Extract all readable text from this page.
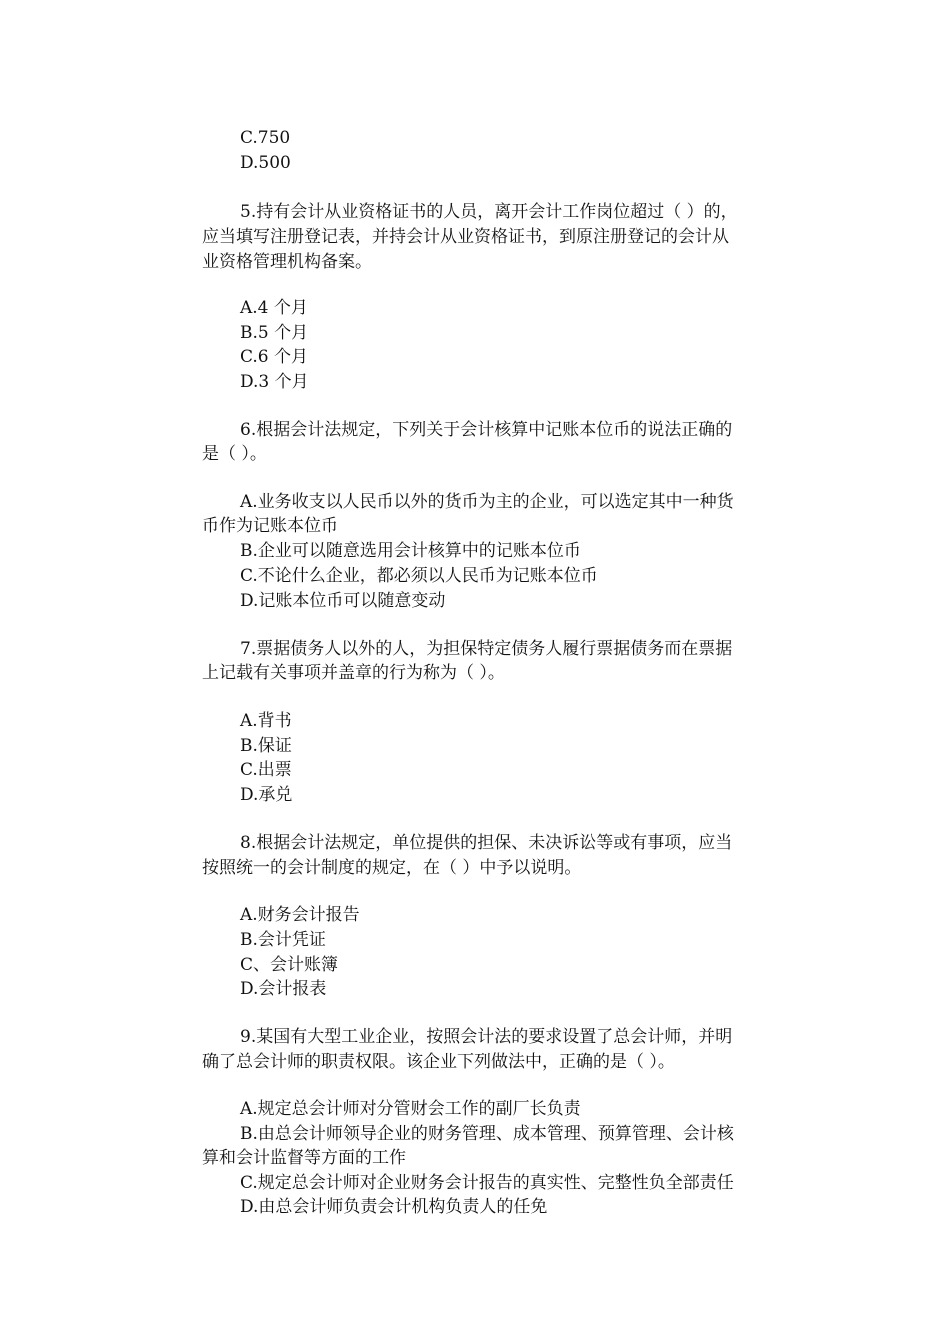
C.750
D.500
5.持有会计从业资格证书的人员，离开会计工作岗位超过（ ）的，
应当填写注册登记表，并持会计从业资格证书，到原注册登记的会计从
业资格管理机构备案。
A.4 个月
B.5 个月
C.6 个月
D.3 个月
6.根据会计法规定，下列关于会计核算中记账本位币的说法正确的
是（ ）。
A.业务收支以人民币以外的货币为主的企业，可以选定其中一种货
币作为记账本位币
B.企业可以随意选用会计核算中的记账本位币
C.不论什么企业，都必须以人民币为记账本位币
D.记账本位币可以随意变动
7.票据债务人以外的人，为担保特定债务人履行票据债务而在票据
上记载有关事项并盖章的行为称为（ ）。
A.背书
B.保证
C.出票
D.承兑
8.根据会计法规定，单位提供的担保、未决诉讼等或有事项，应当
按照统一的会计制度的规定，在（ ）中予以说明。
A.财务会计报告
B.会计凭证
C、会计账簿
D.会计报表
9.某国有大型工业企业，按照会计法的要求设置了总会计师，并明
确了总会计师的职责权限。该企业下列做法中，正确的是（ ）。
A.规定总会计师对分管财会工作的副厂长负责
B.由总会计师领导企业的财务管理、成本管理、预算管理、会计核
算和会计监督等方面的工作
C.规定总会计师对企业财务会计报告的真实性、完整性负全部责任
D.由总会计师负责会计机构负责人的任免
